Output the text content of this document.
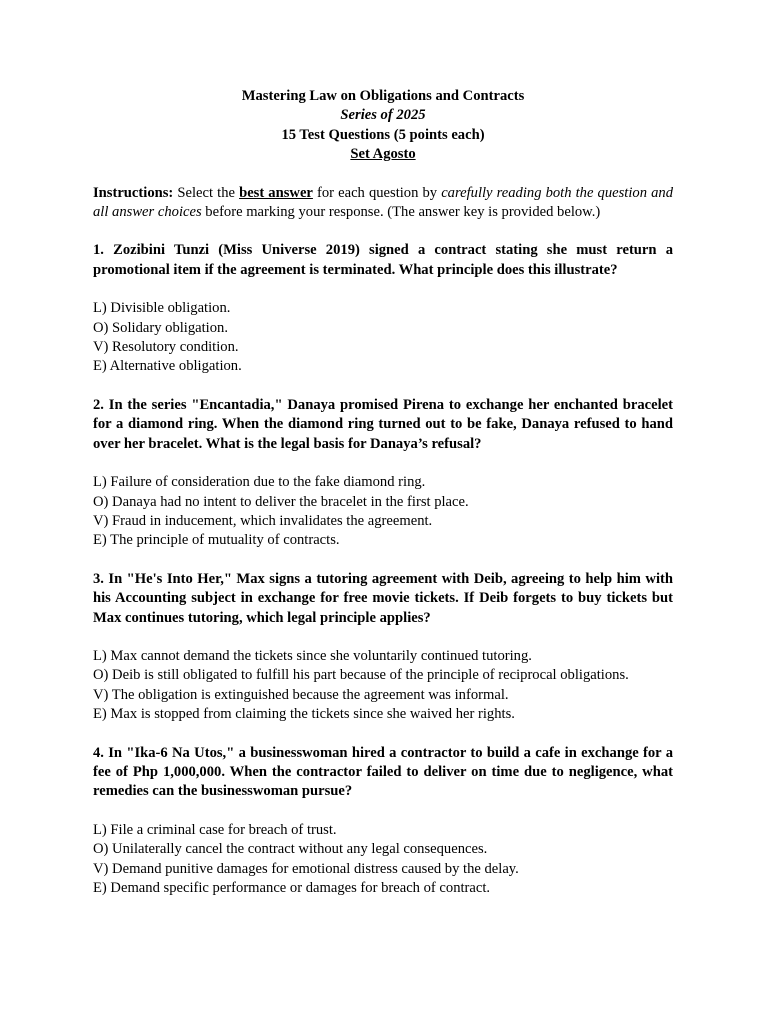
Mastering Law on Obligations and Contracts
Series of 2025
15 Test Questions (5 points each)
Set Agosto
Instructions: Select the best answer for each question by carefully reading both the question and all answer choices before marking your response. (The answer key is provided below.)
1. Zozibini Tunzi (Miss Universe 2019) signed a contract stating she must return a promotional item if the agreement is terminated. What principle does this illustrate?
L) Divisible obligation.
O) Solidary obligation.
V) Resolutory condition.
E) Alternative obligation.
2. In the series "Encantadia," Danaya promised Pirena to exchange her enchanted bracelet for a diamond ring. When the diamond ring turned out to be fake, Danaya refused to hand over her bracelet. What is the legal basis for Danaya’s refusal?
L) Failure of consideration due to the fake diamond ring.
O) Danaya had no intent to deliver the bracelet in the first place.
V) Fraud in inducement, which invalidates the agreement.
E) The principle of mutuality of contracts.
3. In "He's Into Her," Max signs a tutoring agreement with Deib, agreeing to help him with his Accounting subject in exchange for free movie tickets. If Deib forgets to buy tickets but Max continues tutoring, which legal principle applies?
L) Max cannot demand the tickets since she voluntarily continued tutoring.
O) Deib is still obligated to fulfill his part because of the principle of reciprocal obligations.
V) The obligation is extinguished because the agreement was informal.
E) Max is stopped from claiming the tickets since she waived her rights.
4. In "Ika-6 Na Utos," a businesswoman hired a contractor to build a cafe in exchange for a fee of Php 1,000,000. When the contractor failed to deliver on time due to negligence, what remedies can the businesswoman pursue?
L) File a criminal case for breach of trust.
O) Unilaterally cancel the contract without any legal consequences.
V) Demand punitive damages for emotional distress caused by the delay.
E) Demand specific performance or damages for breach of contract.
